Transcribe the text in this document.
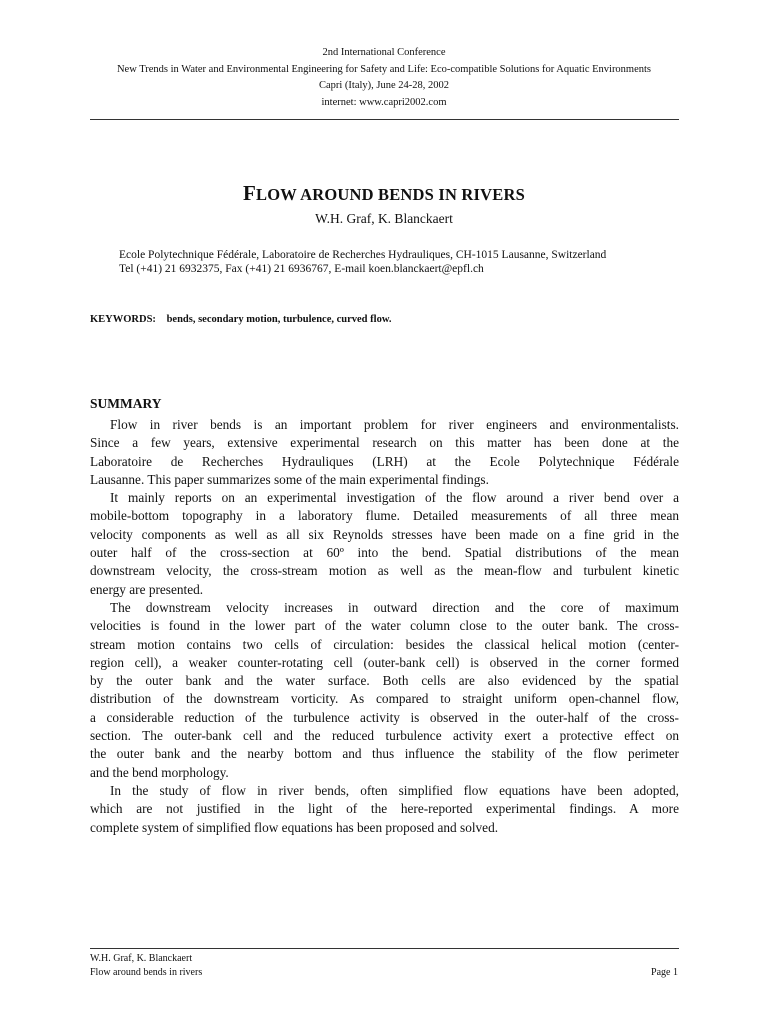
2nd International Conference
New Trends in Water and Environmental Engineering for Safety and Life: Eco-compatible Solutions for Aquatic Environments
Capri (Italy), June 24-28, 2002
internet: www.capri2002.com
FLOW AROUND BENDS IN RIVERS
W.H. Graf, K. Blanckaert
Ecole Polytechnique Fédérale, Laboratoire de Recherches Hydrauliques, CH-1015 Lausanne, Switzerland
Tel (+41) 21 6932375, Fax (+41) 21 6936767, E-mail koen.blanckaert@epfl.ch
KEYWORDS: bends, secondary motion, turbulence, curved flow.
SUMMARY
Flow in river bends is an important problem for river engineers and environmentalists.
Since a few years, extensive experimental research on this matter has been done at the
Laboratoire de Recherches Hydrauliques (LRH) at the Ecole Polytechnique Fédérale
Lausanne. This paper summarizes some of the main experimental findings.
It mainly reports on an experimental investigation of the flow around a river bend over a
mobile-bottom topography in a laboratory flume. Detailed measurements of all three mean
velocity components as well as all six Reynolds stresses have been made on a fine grid in the
outer half of the cross-section at 60º into the bend. Spatial distributions of the mean
downstream velocity, the cross-stream motion as well as the mean-flow and turbulent kinetic
energy are presented.
The downstream velocity increases in outward direction and the core of maximum
velocities is found in the lower part of the water column close to the outer bank. The cross-
stream motion contains two cells of circulation: besides the classical helical motion (center-
region cell), a weaker counter-rotating cell (outer-bank cell) is observed in the corner formed
by the outer bank and the water surface. Both cells are also evidenced by the spatial
distribution of the downstream vorticity. As compared to straight uniform open-channel flow,
a considerable reduction of the turbulence activity is observed in the outer-half of the cross-
section. The outer-bank cell and the reduced turbulence activity exert a protective effect on
the outer bank and the nearby bottom and thus influence the stability of the flow perimeter
and the bend morphology.
In the study of flow in river bends, often simplified flow equations have been adopted,
which are not justified in the light of the here-reported experimental findings. A more
complete system of simplified flow equations has been proposed and solved.
W.H. Graf, K. Blanckaert
Flow around bends in rivers	Page 1
